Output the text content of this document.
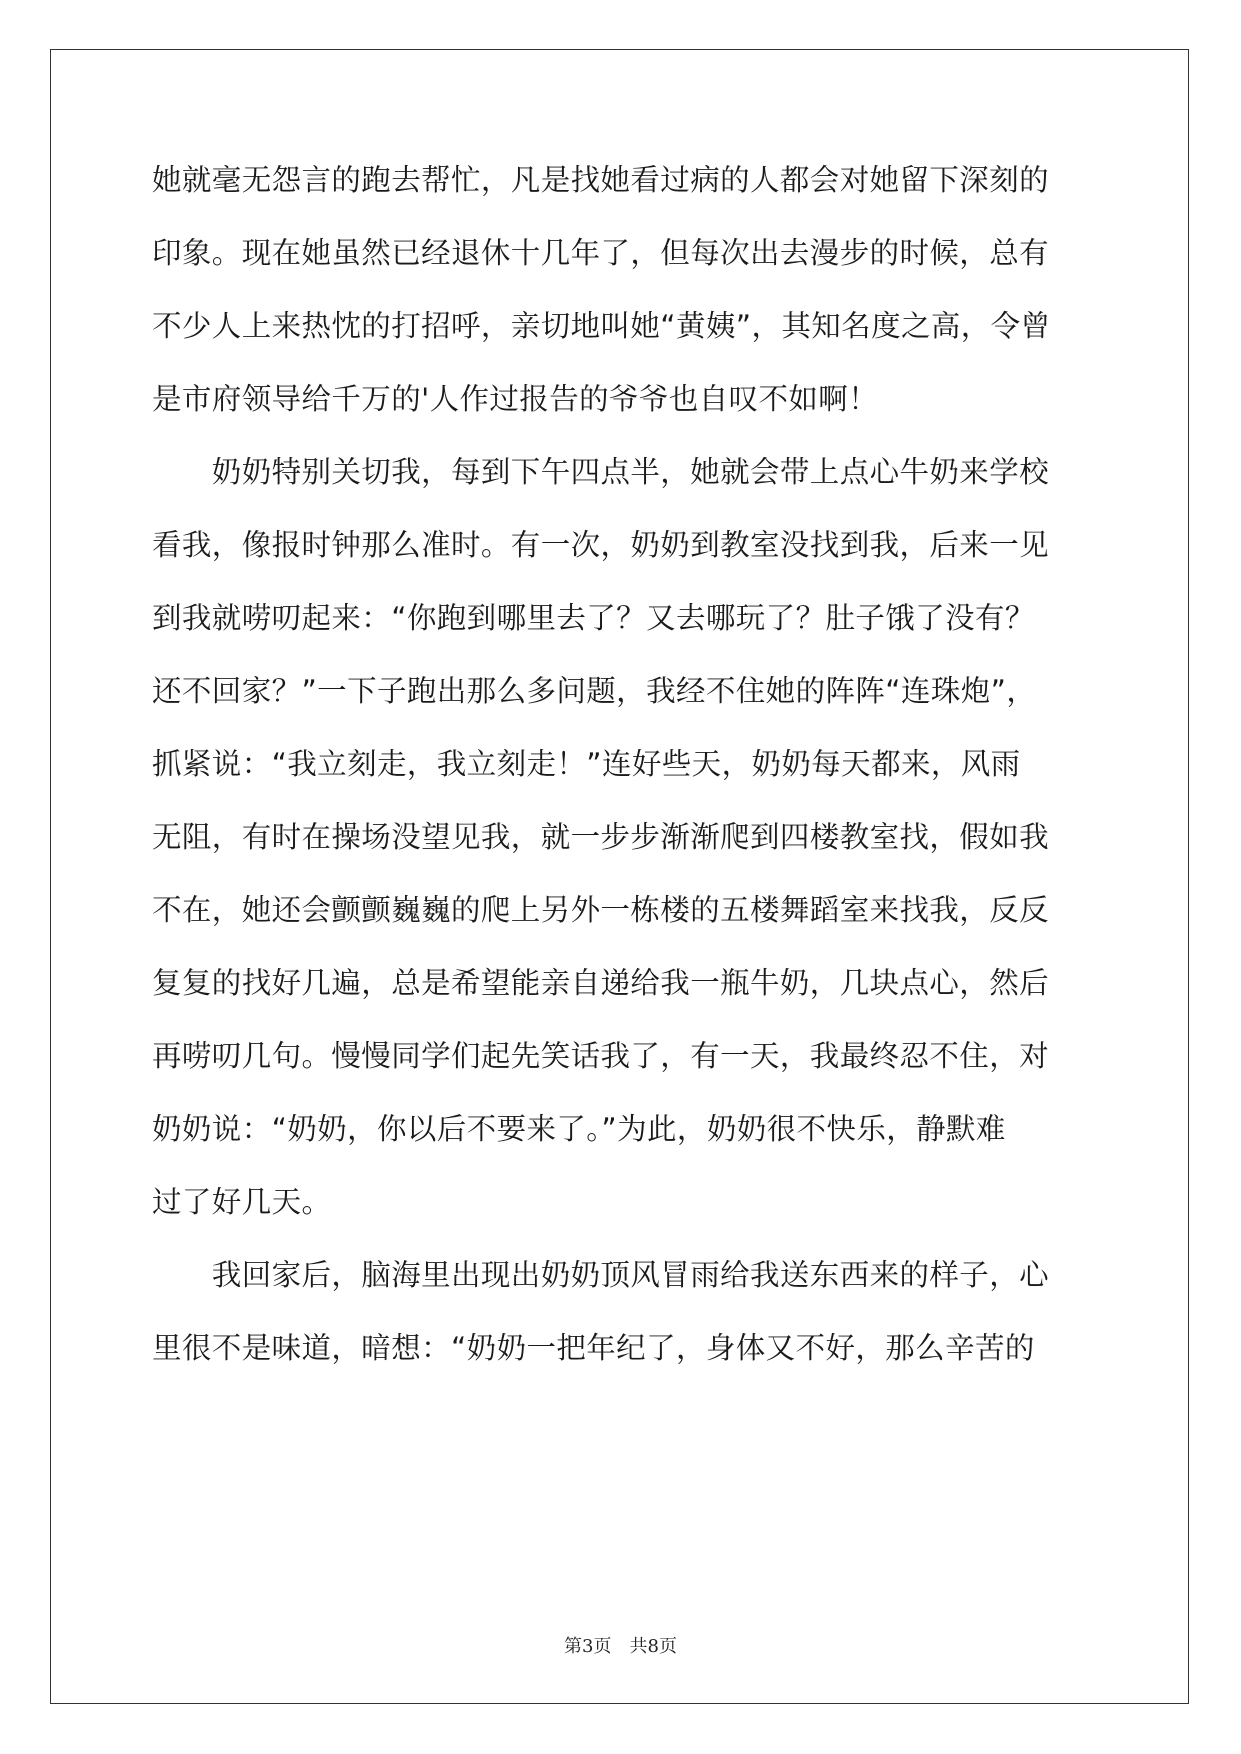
她就毫无怨言的跑去帮忙，凡是找她看过病的人都会对她留下深刻的
印象。现在她虽然已经退休十几年了，但每次出去漫步的时候，总有
不少人上来热忱的打招呼，亲切地叫她“黄姨”，其知名度之高，令曾
是市府领导给千万的'人作过报告的爷爷也自叹不如啊！
　　奶奶特别关切我，每到下午四点半，她就会带上点心牛奶来学校
看我，像报时钟那么准时。有一次，奶奶到教室没找到我，后来一见
到我就唠叨起来：“你跑到哪里去了？又去哪玩了？肚子饿了没有？
还不回家？”一下子跑出那么多问题，我经不住她的阵阵“连珠炮”，
抓紧说：“我立刻走，我立刻走！”连好些天，奶奶每天都来，风雨
无阻，有时在操场没望见我，就一步步渐渐爬到四楼教室找，假如我
不在，她还会颤颤巍巍的爬上另外一栋楼的五楼舞蹈室来找我，反反
复复的找好几遍，总是希望能亲自递给我一瓶牛奶，几块点心，然后
再唠叨几句。慢慢同学们起先笑话我了，有一天，我最终忍不住，对
奶奶说：“奶奶，你以后不要来了。”为此，奶奶很不快乐，静默难
过了好几天。
　　我回家后，脑海里出现出奶奶顶风冒雨给我送东西来的样子，心
里很不是味道，暗想：“奶奶一把年纪了，身体又不好，那么辛苦的
第3页 共8页
